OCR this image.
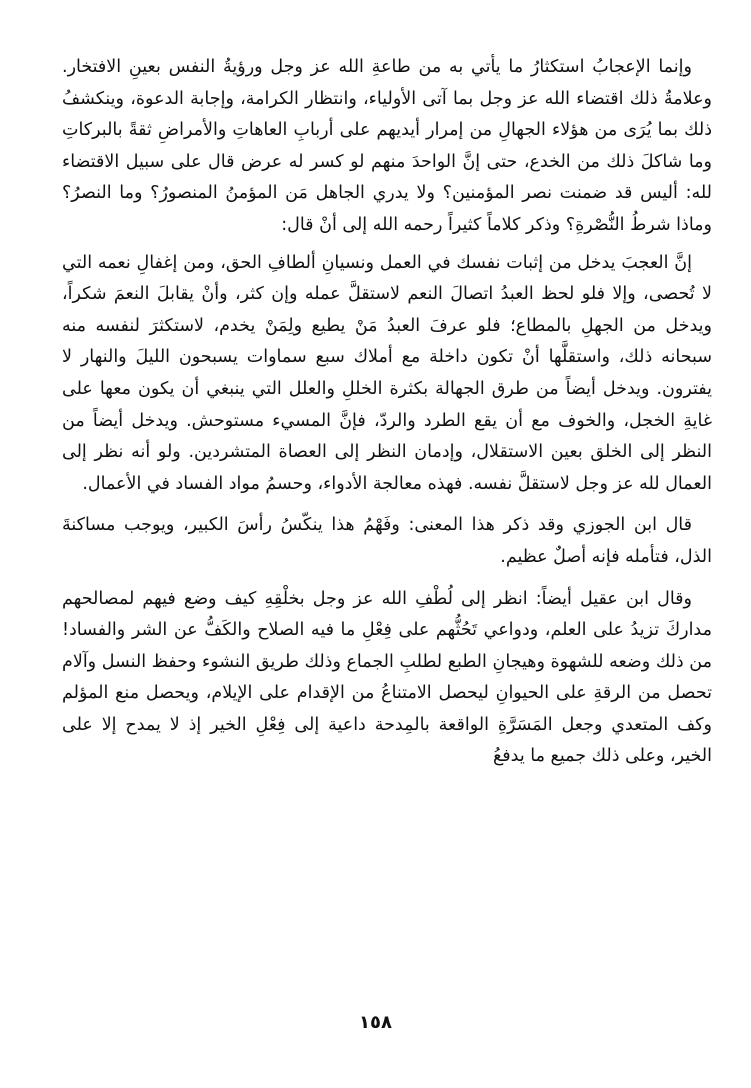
وإنما الإعجابُ استكثارُ ما يأتي به من طاعةِ الله عز وجل ورؤيةُ النفس بعينِ الافتخار. وعلامةُ ذلك اقتضاء الله عز وجل بما آتى الأولياء، وانتظار الكرامة، وإجابة الدعوة، وينكشفُ ذلك بما يُرَى من هؤلاء الجهالِ من إمرار أيديهم على أربابِ العاهاتِ والأمراضِ ثقةً بالبركاتِ وما شاكلَ ذلك من الخدع، حتى إنَّ الواحدَ منهم لو كسر له عرض قال على سبيل الاقتضاء لله: أليس قد ضمنت نصر المؤمنين؟ ولا يدري الجاهل مَن المؤمنُ المنصورُ؟ وما النصرُ؟ وماذا شرطُ النُّصْرةِ؟ وذكر كلاماً كثيراً رحمه الله إلى أنْ قال:

إنَّ العجبَ يدخل من إثبات نفسك في العمل ونسيانِ ألطافِ الحق، ومن إغفالِ نعمه التي لا تُحصى، وإلا فلو لحظ العبدُ اتصالَ النعم لاستقلَّ عمله وإن كثر، وأنْ يقابلَ النعمَ شكراً، ويدخل من الجهلِ بالمطاع؛ فلو عرفَ العبدُ مَنْ يطيع ولِمَنْ يخدم، لاستكثرَ لنفسه منه سبحانه ذلك، واستقلَّها أنْ تكون داخلة مع أملاك سبع سماوات يسبحون الليلَ والنهار لا يفترون. ويدخل أيضاً من طرق الجهالة بكثرة الخللِ والعلل التي ينبغي أن يكون معها على غايةِ الخجل، والخوف مع أن يقع الطرد والردّ، فإنَّ المسيء مستوحش. ويدخل أيضاً من النظر إلى الخلق بعين الاستقلال، وإدمان النظر إلى العصاة المتشردين. ولو أنه نظر إلى العمال لله عز وجل لاستقلَّ نفسه. فهذه معالجة الأدواء، وحسمُ مواد الفساد في الأعمال.

قال ابن الجوزي وقد ذكر هذا المعنى: وفَهْمُ هذا ينكّسُ رأسَ الكبير، ويوجب مساكنةَ الذل، فتأمله فإنه أصلٌ عظيم.

وقال ابن عقيل أيضاً: انظر إلى لُطْفِ الله عز وجل بخلْقِهِ كيف وضع فيهم لمصالحهم مداركَ تزيدُ على العلم، ودواعي تَحُثُّهم على فِعْلِ ما فيه الصلاح والكَفُّ عن الشر والفساد! من ذلك وضعه للشهوة وهيجانِ الطبع لطلبِ الجماع وذلك طريق النشوء وحفظ النسل وآلام تحصل من الرقةِ على الحيوانِ ليحصل الامتناعُ من الإقدام على الإيلام، ويحصل منع المؤلم وكف المتعدي وجعل المَسَرَّةِ الواقعة بالمِدحة داعية إلى فِعْلِ الخير إذ لا يمدح إلا على الخير، وعلى ذلك جميع ما يدفعُ

١٥٨
